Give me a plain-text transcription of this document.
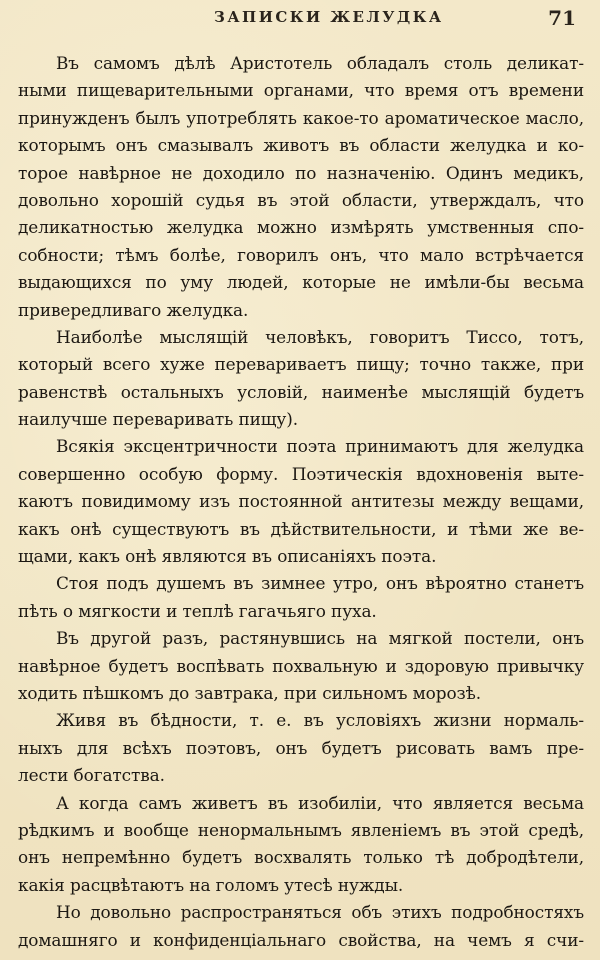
ЗАПИСКИ ЖЕЛУДКА	71
Въ самомъ дѣлѣ Аристотель обладалъ столь деликат-
ными пищеварительными органами, что время отъ времени
принужденъ былъ употреблять какое-то ароматическое масло,
которымъ онъ смазывалъ животъ въ области желудка и ко-
торое навѣрное не доходило по назначенію. Одинъ медикъ,
довольно хорошій судья въ этой области, утверждалъ, что
деликатностью желудка можно измѣрять умственныя спо-
собности; тѣмъ болѣе, говорилъ онъ, что мало встрѣчается
выдающихся по уму людей, которые не имѣли-бы весьма
привередливаго желудка.
Наиболѣе мыслящій человѣкъ, говоритъ Тиссо, тотъ,
который всего хуже перевариваетъ пищу; точно также, при
равенствѣ остальныхъ условій, наименѣе мыслящій будетъ
наилучше переваривать пищу).
Всякія эксцентричности поэта принимаютъ для желудка
совершенно особую форму. Поэтическія вдохновенія выте-
каютъ повидимому изъ постоянной антитезы между вещами,
какъ онѣ существуютъ въ дѣйствительности, и тѣми же ве-
щами, какъ онѣ являются въ описаніяхъ поэта.
Стоя подъ душемъ въ зимнее утро, онъ вѣроятно станетъ
пѣть о мягкости и теплѣ гагачьяго пуха.
Въ другой разъ, растянувшись на мягкой постели, онъ
навѣрное будетъ воспѣвать похвальную и здоровую привычку
ходить пѣшкомъ до завтрака, при сильномъ морозѣ.
Живя въ бѣдности, т. е. въ условіяхъ жизни нормаль-
ныхъ для всѣхъ поэтовъ, онъ будетъ рисовать вамъ пре-
лести богатства.
А когда самъ живетъ въ изобиліи, что является весьма
рѣдкимъ и вообще ненормальнымъ явленіемъ въ этой средѣ,
онъ непремѣнно будетъ восхвалять только тѣ добродѣтели,
какія расцвѣтаютъ на голомъ утесѣ нужды.
Но довольно распространяться объ этихъ подробностяхъ
домашняго и конфиденціальнаго свойства, на чемъ я счи-
